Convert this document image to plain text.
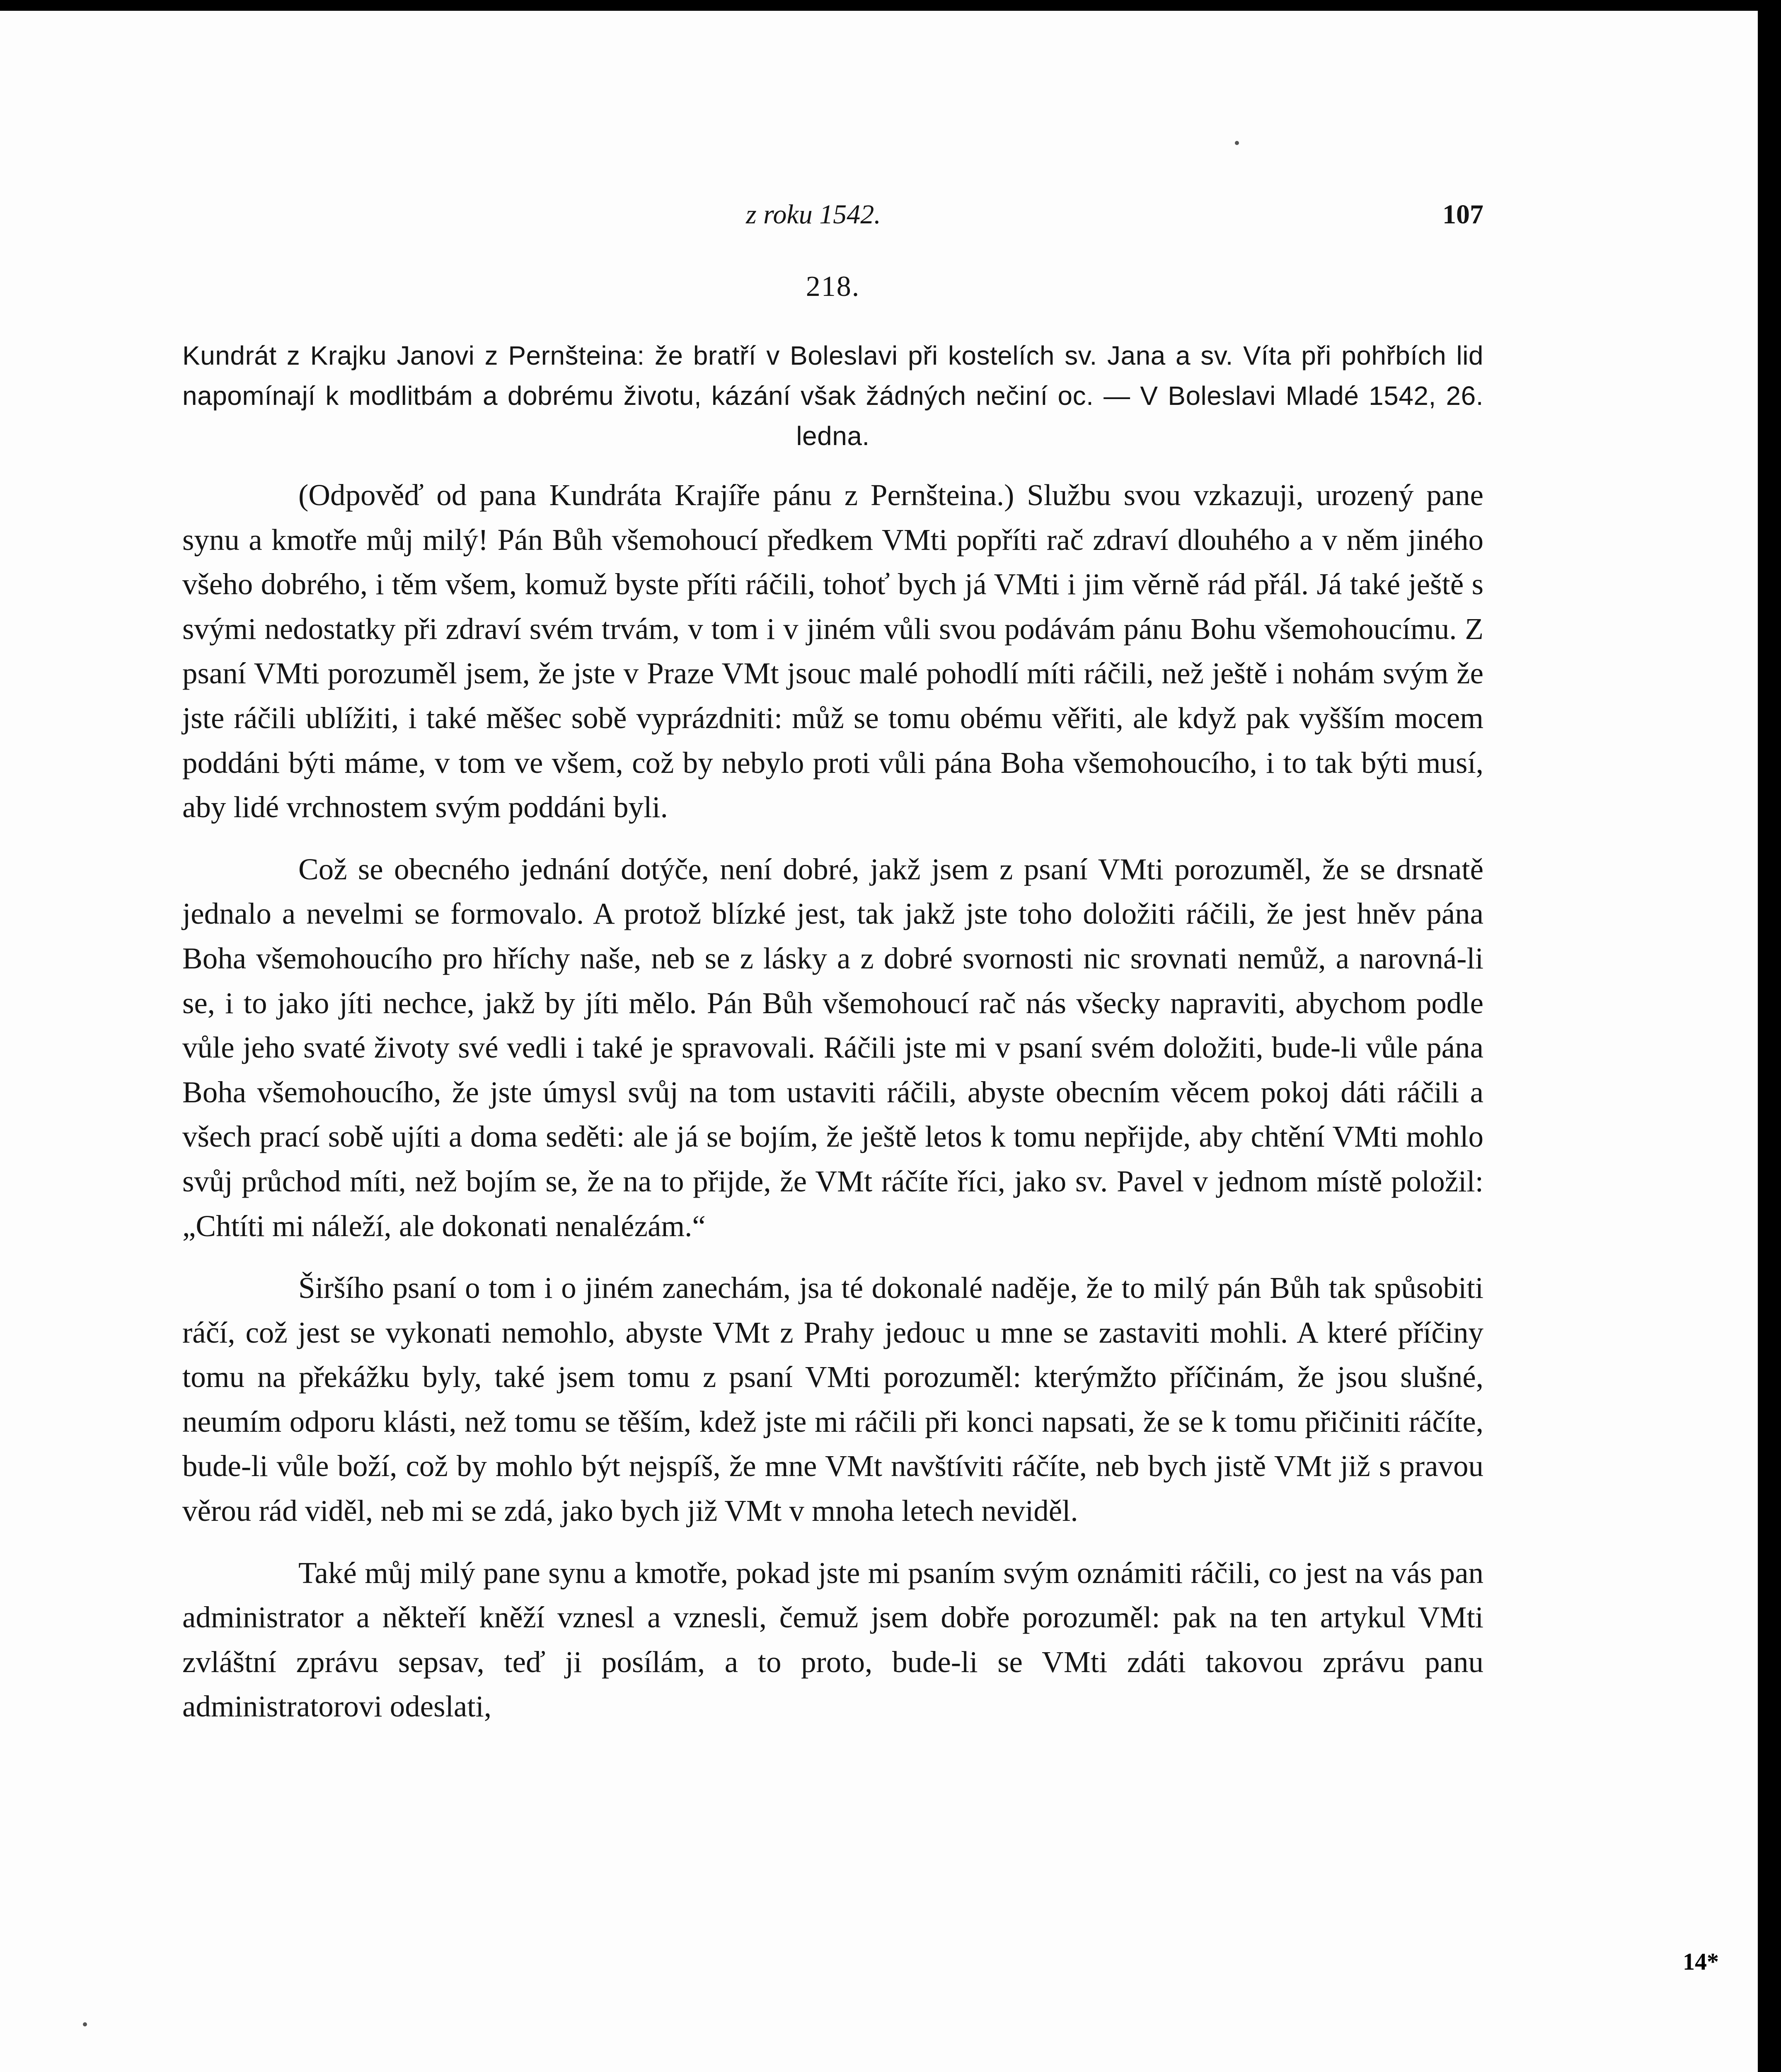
z roku 1542.	107
218.
Kundrát z Krajku Janovi z Pernšteina: že bratří v Boleslavi při kostelích sv. Jana a sv. Víta při pohřbích lid napomínají k modlitbám a dobrému životu, kázání však žádných nečiní oc. — V Boleslavi Mladé 1542, 26. ledna.

(Odpověď od pana Kundráta Krajíře pánu z Pernšteina.) Službu svou vzkazuji, urozený pane synu a kmotře můj milý! Pán Bůh všemohoucí předkem VMti popříti rač zdraví dlouhého a v něm jiného všeho dobrého, i těm všem, komuž byste příti ráčili, tohoť bych já VMti i jim věrně rád přál. Já také ještě s svými nedostatky při zdraví svém trvám, v tom i v jiném vůli svou podávám pánu Bohu všemohoucímu. Z psaní VMti porozuměl jsem, že jste v Praze VMt jsouc malé pohodlí míti ráčili, než ještě i nohám svým že jste ráčili ublížiti, i také měšec sobě vyprázdniti: můž se tomu obému věřiti, ale když pak vyšším mocem poddáni býti máme, v tom ve všem, což by nebylo proti vůli pána Boha všemohoucího, i to tak býti musí, aby lidé vrchnostem svým poddáni byli.

Což se obecného jednání dotýče, není dobré, jakž jsem z psaní VMti porozuměl, že se drsnatě jednalo a nevelmi se formovalo. A protož blízké jest, tak jakž jste toho doložiti ráčili, že jest hněv pána Boha všemohoucího pro hříchy naše, neb se z lásky a z dobré svornosti nic srovnati nemůž, a narovná-li se, i to jako jíti nechce, jakž by jíti mělo. Pán Bůh všemohoucí rač nás všecky napraviti, abychom podle vůle jeho svaté životy své vedli i také je spravovali. Ráčili jste mi v psaní svém doložiti, bude-li vůle pána Boha všemohoucího, že jste úmysl svůj na tom ustaviti ráčili, abyste obecním věcem pokoj dáti ráčili a všech prací sobě ujíti a doma seděti: ale já se bojím, že ještě letos k tomu nepřijde, aby chtění VMti mohlo svůj průchod míti, než bojím se, že na to přijde, že VMt ráčíte říci, jako sv. Pavel v jednom místě položil: „Chtíti mi náleží, ale dokonati nenalézám.“

Širšího psaní o tom i o jiném zanechám, jsa té dokonalé naděje, že to milý pán Bůh tak spůsobiti ráčí, což jest se vykonati nemohlo, abyste VMt z Prahy jedouc u mne se zastaviti mohli. A které příčiny tomu na překážku byly, také jsem tomu z psaní VMti porozuměl: kterýmžto příčinám, že jsou slušné, neumím odporu klásti, než tomu se těším, kdež jste mi ráčili při konci napsati, že se k tomu přičiniti ráčíte, bude-li vůle boží, což by mohlo být nejspíš, že mne VMt navštíviti ráčíte, neb bych jistě VMt již s pravou věrou rád viděl, neb mi se zdá, jako bych již VMt v mnoha letech neviděl.

Také můj milý pane synu a kmotře, pokad jste mi psaním svým oznámiti ráčili, co jest na vás pan administrator a někteří kněží vznesl a vznesli, čemuž jsem dobře porozuměl: pak na ten artykul VMti zvláštní zprávu sepsav, teď ji posílám, a to proto, bude-li se VMti zdáti takovou zprávu panu administratorovi odeslati,

14*
